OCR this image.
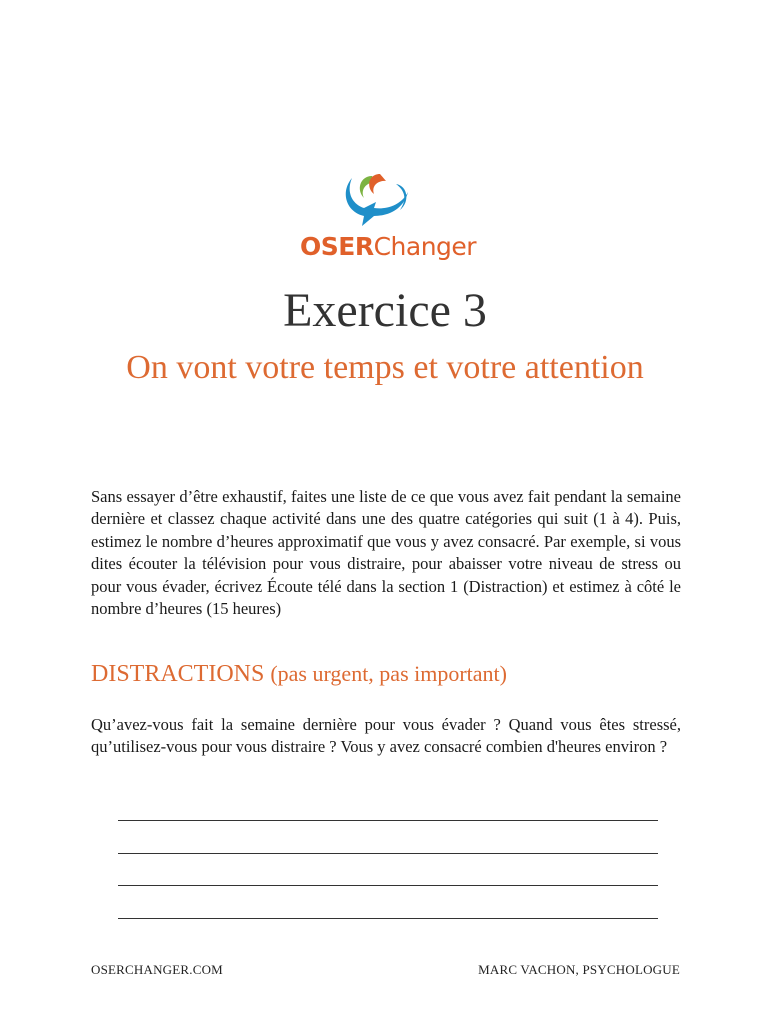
OSERChanger
Exercice 3
On vont votre temps et votre attention

Sans essayer d’être exhaustif, faites une liste de ce que vous avez fait pendant la semaine dernière et classez chaque activité dans une des quatre catégories qui suit (1 à 4). Puis, estimez le nombre d’heures approximatif que vous y avez consacré. Par exemple, si vous dites écouter la télévision pour vous distraire, pour abaisser votre niveau de stress ou pour vous évader, écrivez Écoute télé dans la section 1 (Distraction) et estimez à côté le nombre d’heures (15 heures)

DISTRACTIONS (pas urgent, pas important)

Qu’avez-vous fait la semaine dernière pour vous évader ? Quand vous êtes stressé, qu’utilisez-vous pour vous distraire ? Vous y avez consacré combien d'heures environ ?

OSERCHANGER.COM	MARC VACHON, PSYCHOLOGUE
